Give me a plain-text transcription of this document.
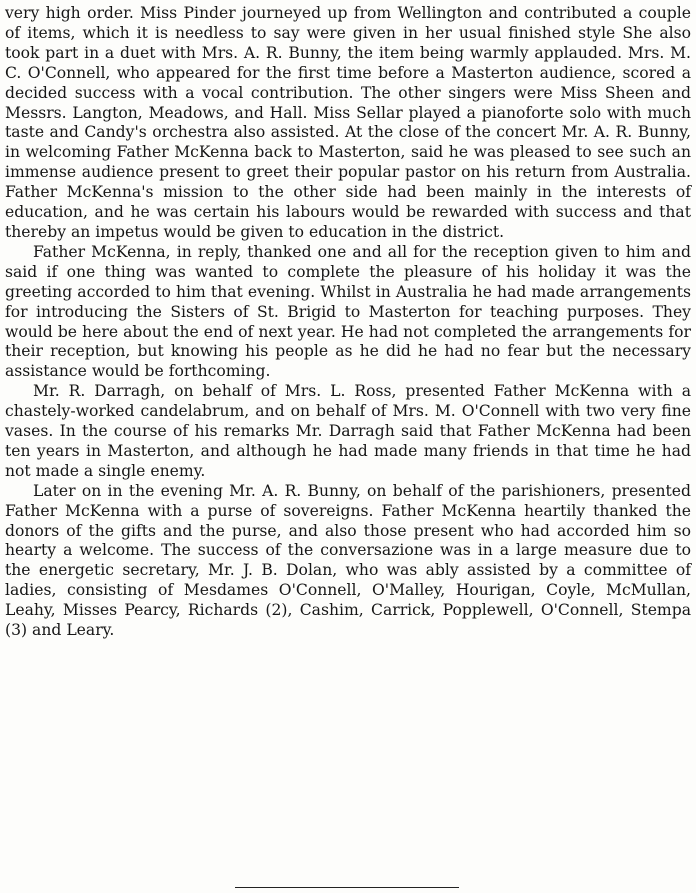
very high order. Miss Pinder journeyed up from Wellington and contributed a couple of items, which it is needless to say were given in her usual finished style She also took part in a duet with Mrs. A. R. Bunny, the item being warmly applauded. Mrs. M. C. O'Connell, who appeared for the first time before a Masterton audience, scored a decided success with a vocal contribution. The other singers were Miss Sheen and Messrs. Langton, Meadows, and Hall. Miss Sellar played a pianoforte solo with much taste and Candy's orchestra also assisted. At the close of the concert Mr. A. R. Bunny, in welcoming Father McKenna back to Masterton, said he was pleased to see such an immense audience present to greet their popular pastor on his return from Australia. Father McKenna's mission to the other side had been mainly in the interests of education, and he was certain his labours would be rewarded with success and that thereby an impetus would be given to education in the district.

Father McKenna, in reply, thanked one and all for the reception given to him and said if one thing was wanted to complete the pleasure of his holiday it was the greeting accorded to him that evening. Whilst in Australia he had made arrangements for introducing the Sisters of St. Brigid to Masterton for teaching purposes. They would be here about the end of next year. He had not completed the arrangements for their reception, but knowing his people as he did he had no fear but the necessary assistance would be forthcoming.

Mr. R. Darragh, on behalf of Mrs. L. Ross, presented Father McKenna with a chastely-worked candelabrum, and on behalf of Mrs. M. O'Connell with two very fine vases. In the course of his remarks Mr. Darragh said that Father McKenna had been ten years in Masterton, and although he had made many friends in that time he had not made a single enemy.

Later on in the evening Mr. A. R. Bunny, on behalf of the parishioners, presented Father McKenna with a purse of sovereigns. Father McKenna heartily thanked the donors of the gifts and the purse, and also those present who had accorded him so hearty a welcome. The success of the conversazione was in a large measure due to the energetic secretary, Mr. J. B. Dolan, who was ably assisted by a committee of ladies, consisting of Mesdames O'Connell, O'Malley, Hourigan, Coyle, McMullan, Leahy, Misses Pearcy, Richards (2), Cashim, Carrick, Popplewell, O'Connell, Stempa (3) and Leary.
